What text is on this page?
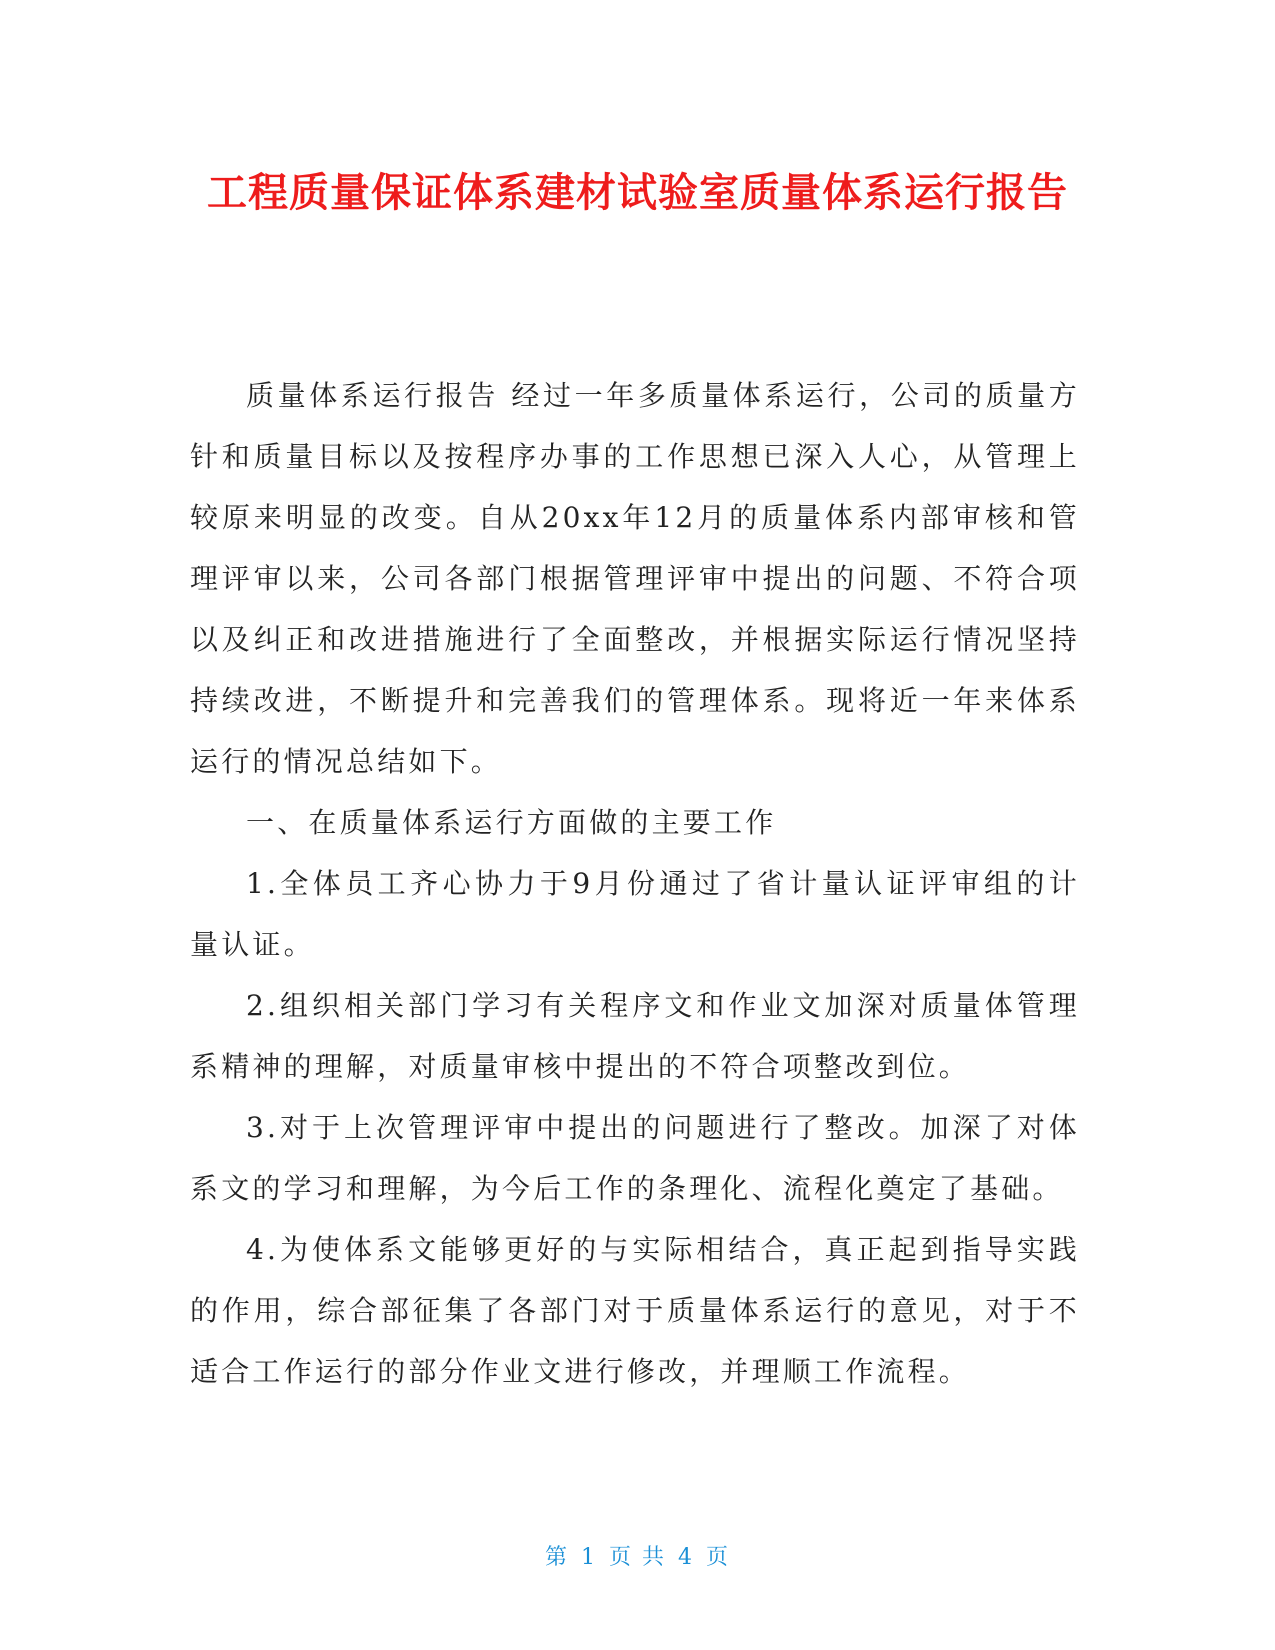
工程质量保证体系建材试验室质量体系运行报告

质量体系运行报告 经过一年多质量体系运行，公司的质量方针和质量目标以及按程序办事的工作思想已深入人心，从管理上较原来明显的改变。自从20xx年12月的质量体系内部审核和管理评审以来，公司各部门根据管理评审中提出的问题、不符合项以及纠正和改进措施进行了全面整改，并根据实际运行情况坚持持续改进，不断提升和完善我们的管理体系。现将近一年来体系运行的情况总结如下。

一、在质量体系运行方面做的主要工作

1.全体员工齐心协力于9月份通过了省计量认证评审组的计量认证。

2.组织相关部门学习有关程序文和作业文加深对质量体管理系精神的理解，对质量审核中提出的不符合项整改到位。

3.对于上次管理评审中提出的问题进行了整改。加深了对体系文的学习和理解，为今后工作的条理化、流程化奠定了基础。

4.为使体系文能够更好的与实际相结合，真正起到指导实践的作用，综合部征集了各部门对于质量体系运行的意见，对于不适合工作运行的部分作业文进行修改，并理顺工作流程。

第 1 页 共 4 页
